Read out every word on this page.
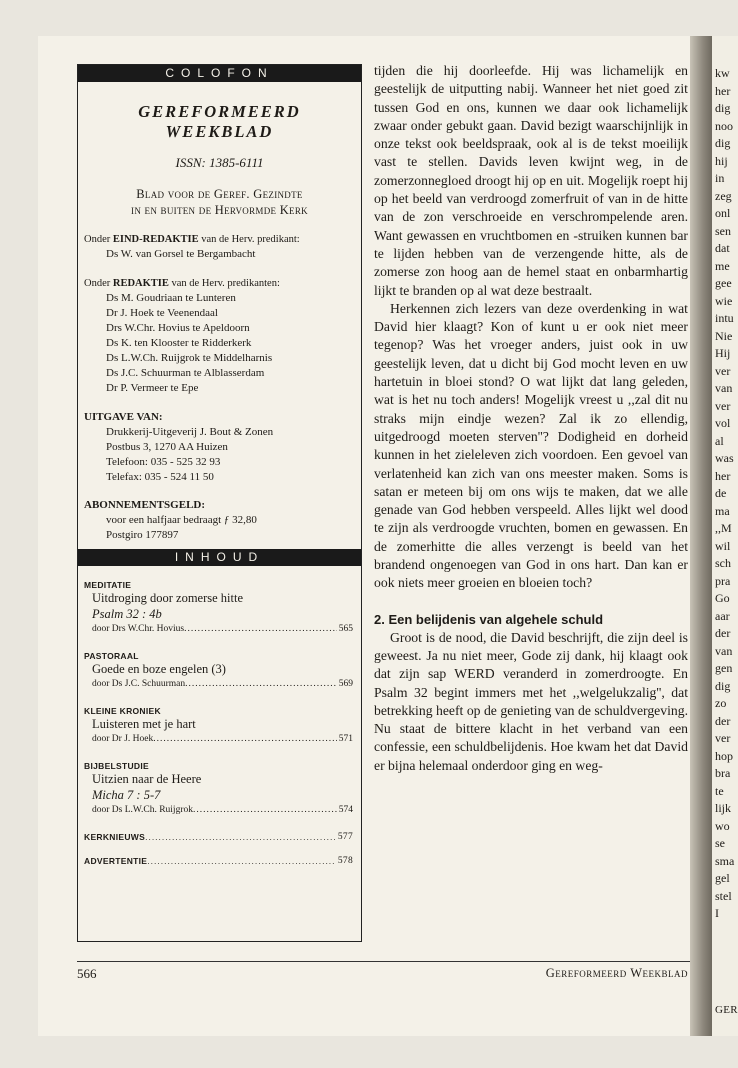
kw
her
dig
noo
dig
hij
in
zeg
onl
sen
dat
me
gee
wie
intu
Nie
Hij
ver
van
ver
vol
al
was
her
de
ma
,,M
wil
sch
pra
Go
aar
der
van
gen
dig
zo
der
ver
hop
bra
te
lijk
wo
se
sma
gel
stel
I
GER
COLOFON
GEREFORMEERD
WEEKBLAD
ISSN: 1385-6111
Blad voor de Geref. Gezindte
in en buiten de Hervormde Kerk
Onder EIND-REDAKTIE van de Herv. predikant:
Ds W. van Gorsel te Bergambacht
Onder REDAKTIE van de Herv. predikanten:
Ds M. Goudriaan te Lunteren
Dr J. Hoek te Veenendaal
Drs W.Chr. Hovius te Apeldoorn
Ds K. ten Klooster te Ridderkerk
Ds L.W.Ch. Ruijgrok te Middelharnis
Ds J.C. Schuurman te Alblasserdam
Dr P. Vermeer te Epe
UITGAVE VAN:
Drukkerij-Uitgeverij J. Bout & Zonen
Postbus 3, 1270 AA Huizen
Telefoon: 035 - 525 32 93
Telefax: 035 - 524 11 50
ABONNEMENTSGELD:
voor een halfjaar bedraagt ƒ 32,80
Postgiro 177897
INHOUD
MEDITATIE
Uitdroging door zomerse hitte
Psalm 32 : 4b
door Drs W.Chr. Hovius .....	565
PASTORAAL
Goede en boze engelen (3)
door Ds J.C. Schuurman .....	569
KLEINE KRONIEK
Luisteren met je hart
door Dr J. Hoek .....	571
BIJBELSTUDIE
Uitzien naar de Heere
Micha 7 : 5-7
door Ds L.W.Ch. Ruijgrok .....	574
KERKNIEUWS .....	577
ADVERTENTIE .....	578

tijden die hij doorleefde. Hij was lichamelijk en geestelijk de uitputting nabij. Wanneer het niet goed zit tussen God en ons, kunnen we daar ook lichamelijk zwaar onder gebukt gaan. David bezigt waarschijnlijk in onze tekst ook beeldspraak, ook al is de tekst moeilijk vast te stellen. Davids leven kwijnt weg, in de zomerzonnegloed droogt hij op en uit. Mogelijk roept hij op het beeld van verdroogd zomerfruit of van in de hitte van de zon verschroeide en verschrompelende aren. Want gewassen en vruchtbomen en -struiken kunnen bar te lijden hebben van de verzengende hitte, als de zomerse zon hoog aan de hemel staat en onbarmhartig lijkt te branden op al wat deze bestraalt.

Herkennen zich lezers van deze overdenking in wat David hier klaagt? Kon of kunt u er ook niet meer tegenop? Was het vroeger anders, juist ook in uw geestelijk leven, dat u dicht bij God mocht leven en uw hartetuin in bloei stond? O wat lijkt dat lang geleden, wat is het nu toch anders! Mogelijk vreest u ,,zal dit nu straks mijn eindje wezen? Zal ik zo ellendig, uitgedroogd moeten sterven''? Dodigheid en dorheid kunnen in het zieleleven zich voordoen. Een gevoel van verlatenheid kan zich van ons meester maken. Soms is satan er meteen bij om ons wijs te maken, dat we alle genade van God hebben verspeeld. Alles lijkt wel dood te zijn als verdroogde vruchten, bomen en gewassen. En de zomerhitte die alles verzengt is beeld van het brandend ongenoegen van God in ons hart. Dan kan er ook niets meer groeien en bloeien toch?

2. Een belijdenis van algehele schuld

Groot is de nood, die David beschrijft, die zijn deel is geweest. Ja nu niet meer, Gode zij dank, hij klaagt ook dat zijn sap WERD veranderd in zomerdroogte. En Psalm 32 begint immers met het ,,welgelukzalig'', dat betrekking heeft op de genieting van de schuldvergeving. Nu staat de bittere klacht in het verband van een confessie, een schuldbelijdenis. Hoe kwam het dat David er bijna helemaal onderdoor ging en weg-

566	Gereformeerd Weekblad
